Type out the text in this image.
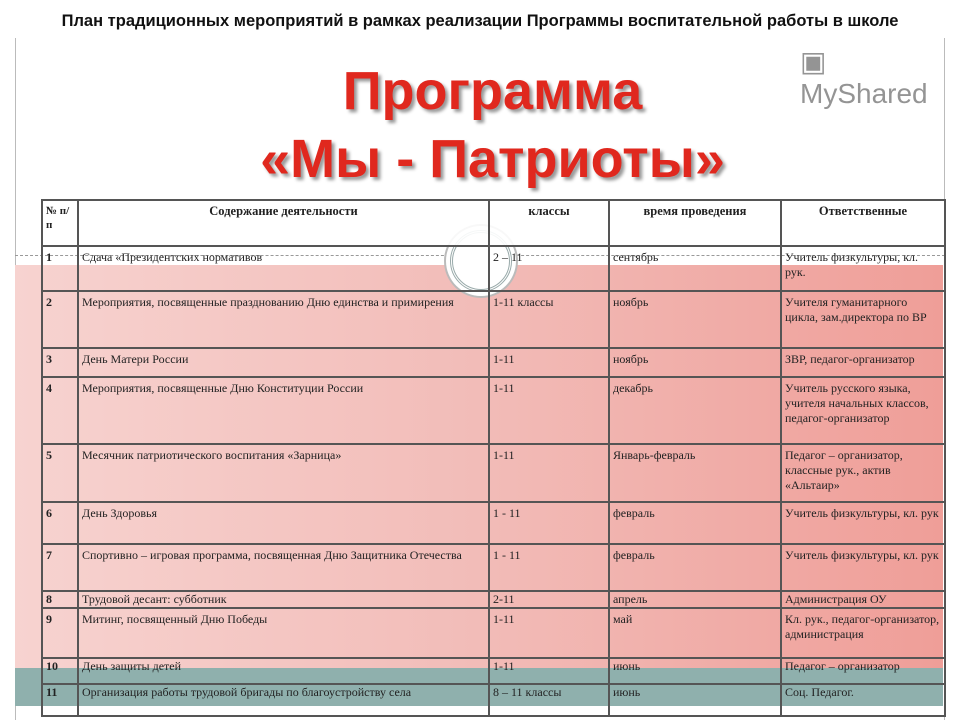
План традиционных мероприятий в рамках реализации Программы воспитательной работы в школе
Программа
«Мы - Патриоты»
№ п/п	Содержание деятельности	классы	время проведения	Ответственные
1	Сдача «Президентских нормативов	2 – 11	сентябрь	Учитель физкультуры, кл. рук.
2	Мероприятия, посвященные празднованию Дню единства и примирения	1-11 классы	ноябрь	Учителя гуманитарного цикла, зам.директора по ВР
3	День Матери России	1-11	ноябрь	ЗВР, педагог-организатор
4	Мероприятия, посвященные Дню Конституции России	1-11	декабрь	Учитель русского языка, учителя начальных классов, педагог-организатор
5	Месячник патриотического воспитания «Зарница»	1-11	Январь-февраль	Педагог – организатор, классные рук., актив «Альтаир»
6	День Здоровья	1 - 11	февраль	Учитель физкультуры, кл. рук
7	Спортивно – игровая программа, посвященная Дню Защитника Отечества	1 - 11	февраль	Учитель физкультуры, кл. рук
8	Трудовой десант: субботник	2-11	апрель	Администрация ОУ
9	Митинг, посвященный Дню Победы	1-11	май	Кл. рук., педагог-организатор, администрация
10	День защиты детей	1-11	июнь	Педагог – организатор
11	Организация работы трудовой бригады по благоустройству села	8 – 11 классы	июнь	Соц. Педагог.
▣ MyShared
